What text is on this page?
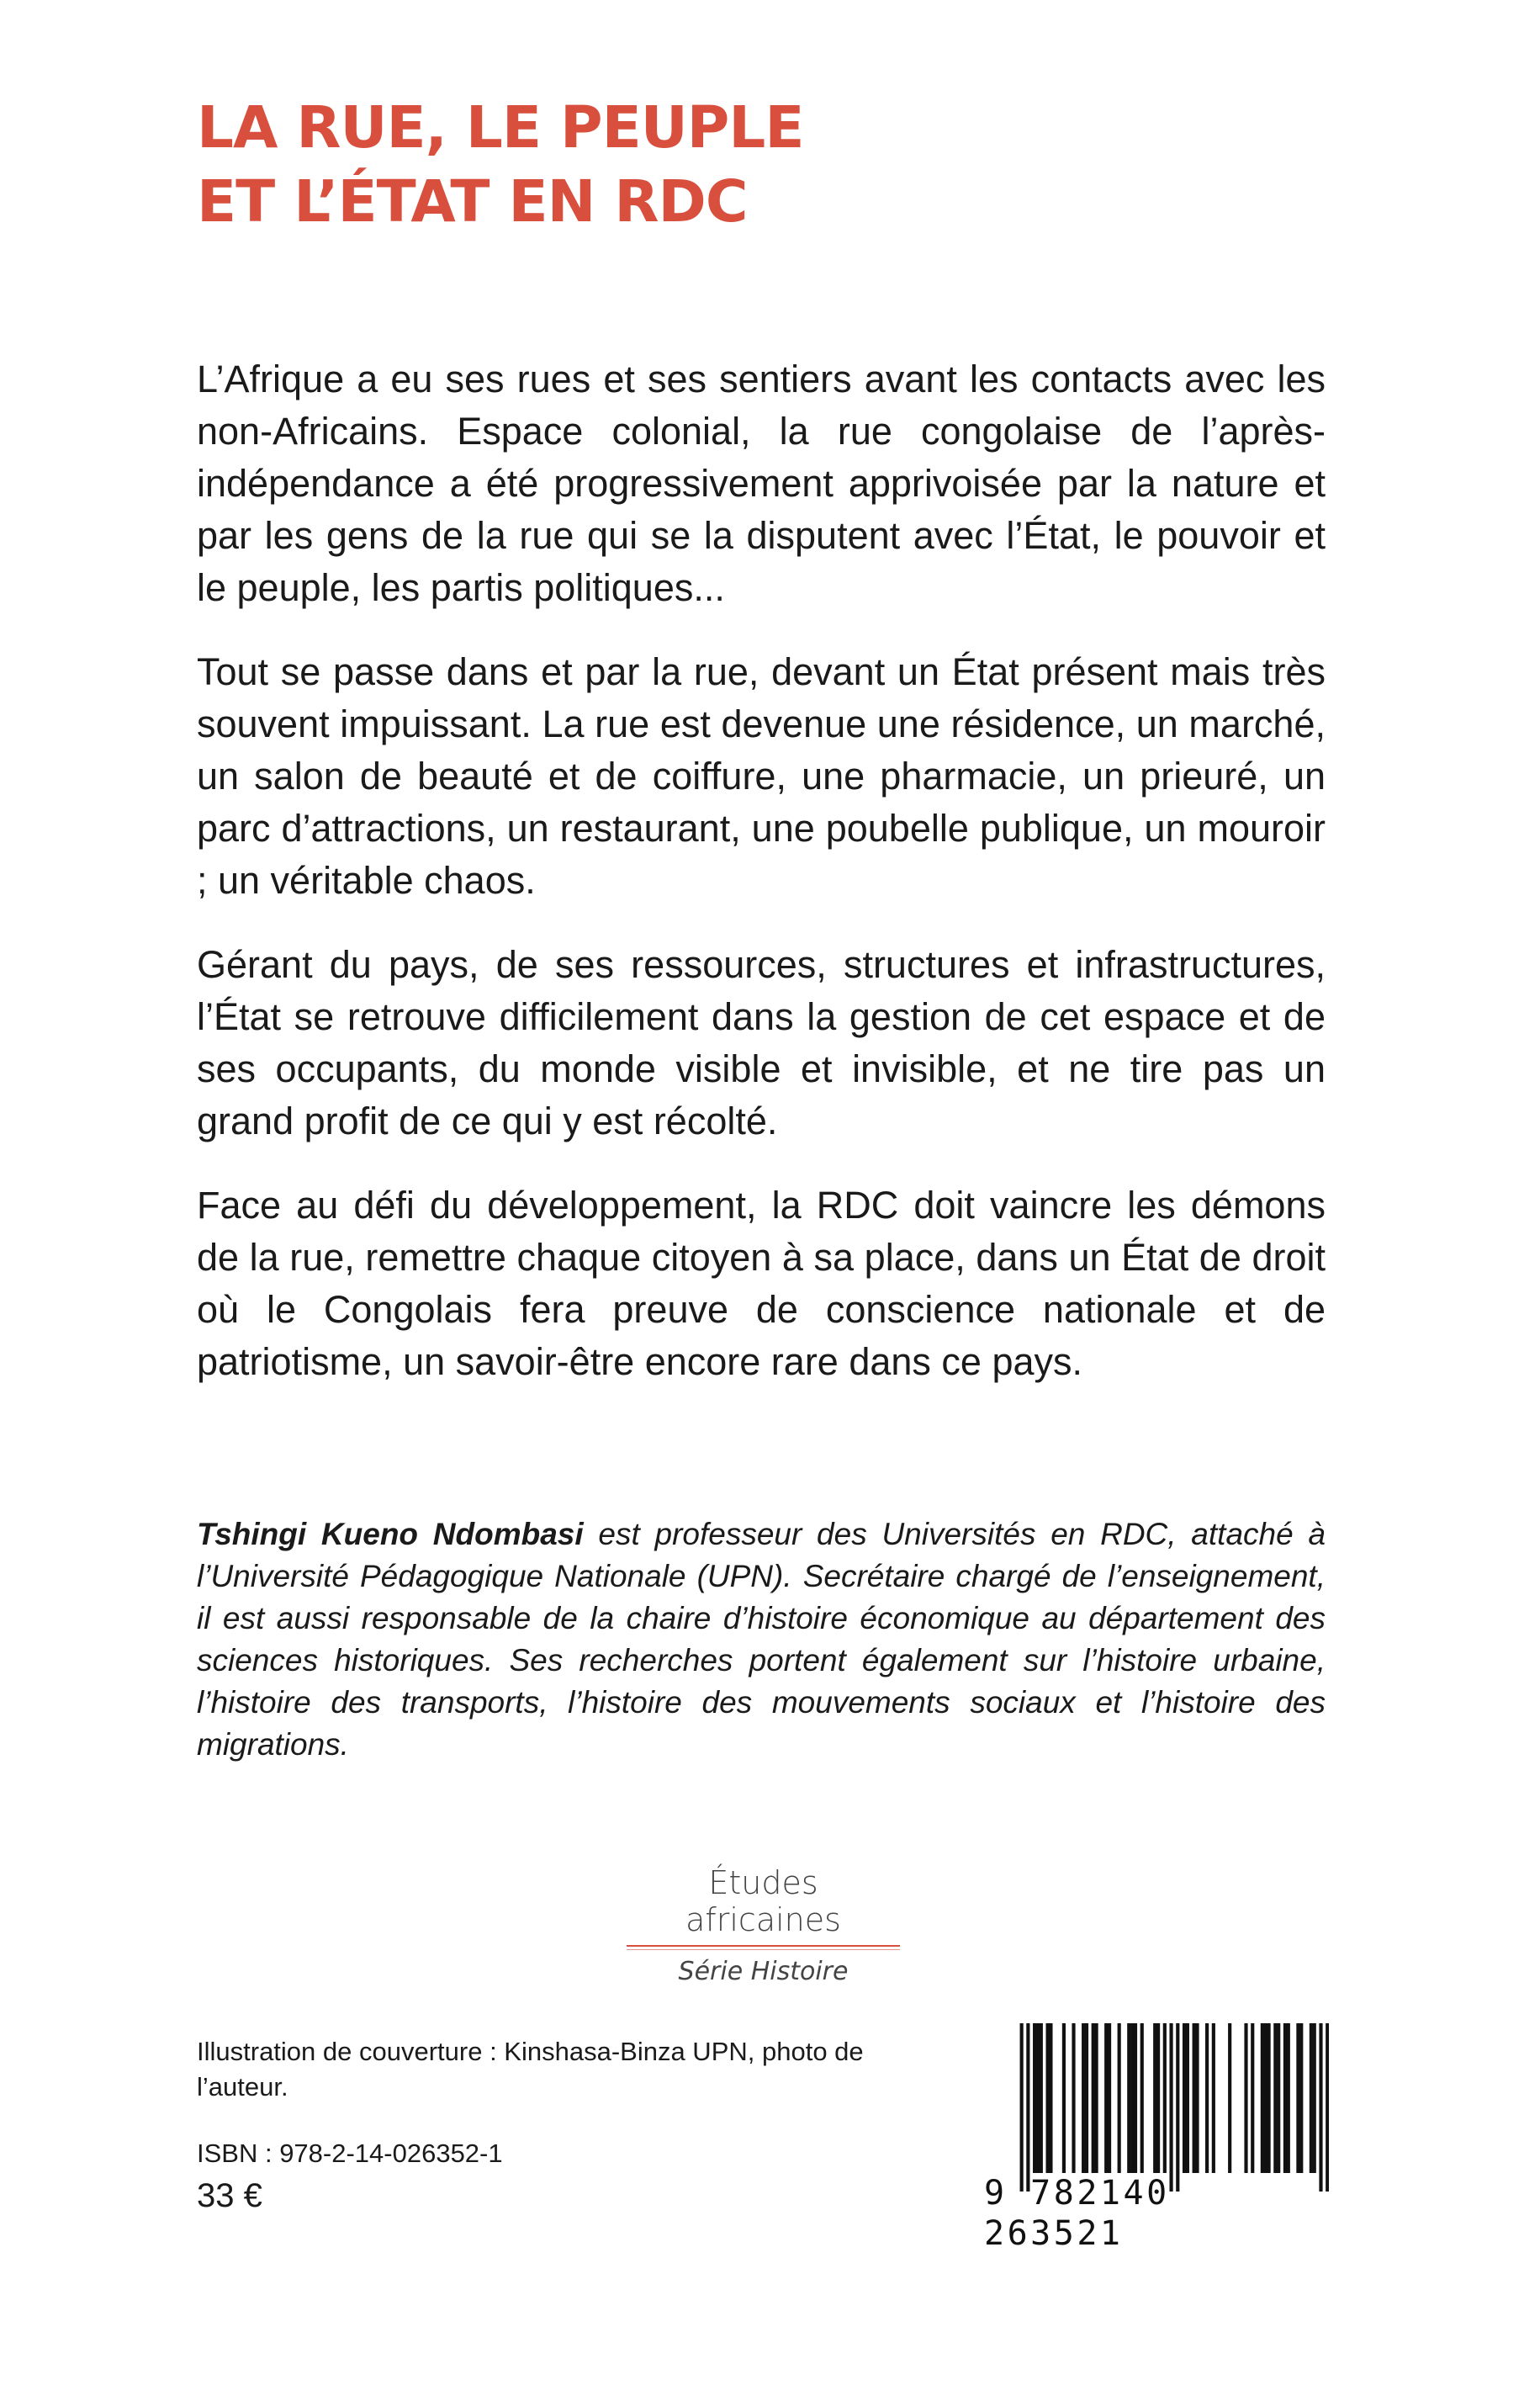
LA RUE, LE PEUPLE
ET L’ÉTAT EN RDC

L’Afrique a eu ses rues et ses sentiers avant les contacts avec les non-Africains. Espace colonial, la rue congolaise de l’après-indépendance a été progressivement apprivoisée par la nature et par les gens de la rue qui se la disputent avec l’État, le pouvoir et le peuple, les partis politiques...

Tout se passe dans et par la rue, devant un État présent mais très souvent impuissant. La rue est devenue une résidence, un marché, un salon de beauté et de coiffure, une pharmacie, un prieuré, un parc d’attractions, un restaurant, une poubelle publique, un mouroir ; un véritable chaos.

Gérant du pays, de ses ressources, structures et infrastructures, l’État se retrouve difficilement dans la gestion de cet espace et de ses occupants, du monde visible et invisible, et ne tire pas un grand profit de ce qui y est récolté.

Face au défi du développement, la RDC doit vaincre les démons de la rue, remettre chaque citoyen à sa place, dans un État de droit où le Congolais fera preuve de conscience nationale et de patriotisme, un savoir-être encore rare dans ce pays.

Tshingi Kueno Ndombasi est professeur des Universités en RDC, attaché à l’Université Pédagogique Nationale (UPN). Secrétaire chargé de l’enseignement, il est aussi responsable de la chaire d’histoire économique au département des sciences historiques. Ses recherches portent également sur l’histoire urbaine, l’histoire des transports, l’histoire des mouvements sociaux et l’histoire des migrations.
Études africaines
Série Histoire
Illustration de couverture : Kinshasa-Binza UPN, photo de l’auteur.
ISBN : 978-2-14-026352-1
33 €	9 782140 263521
